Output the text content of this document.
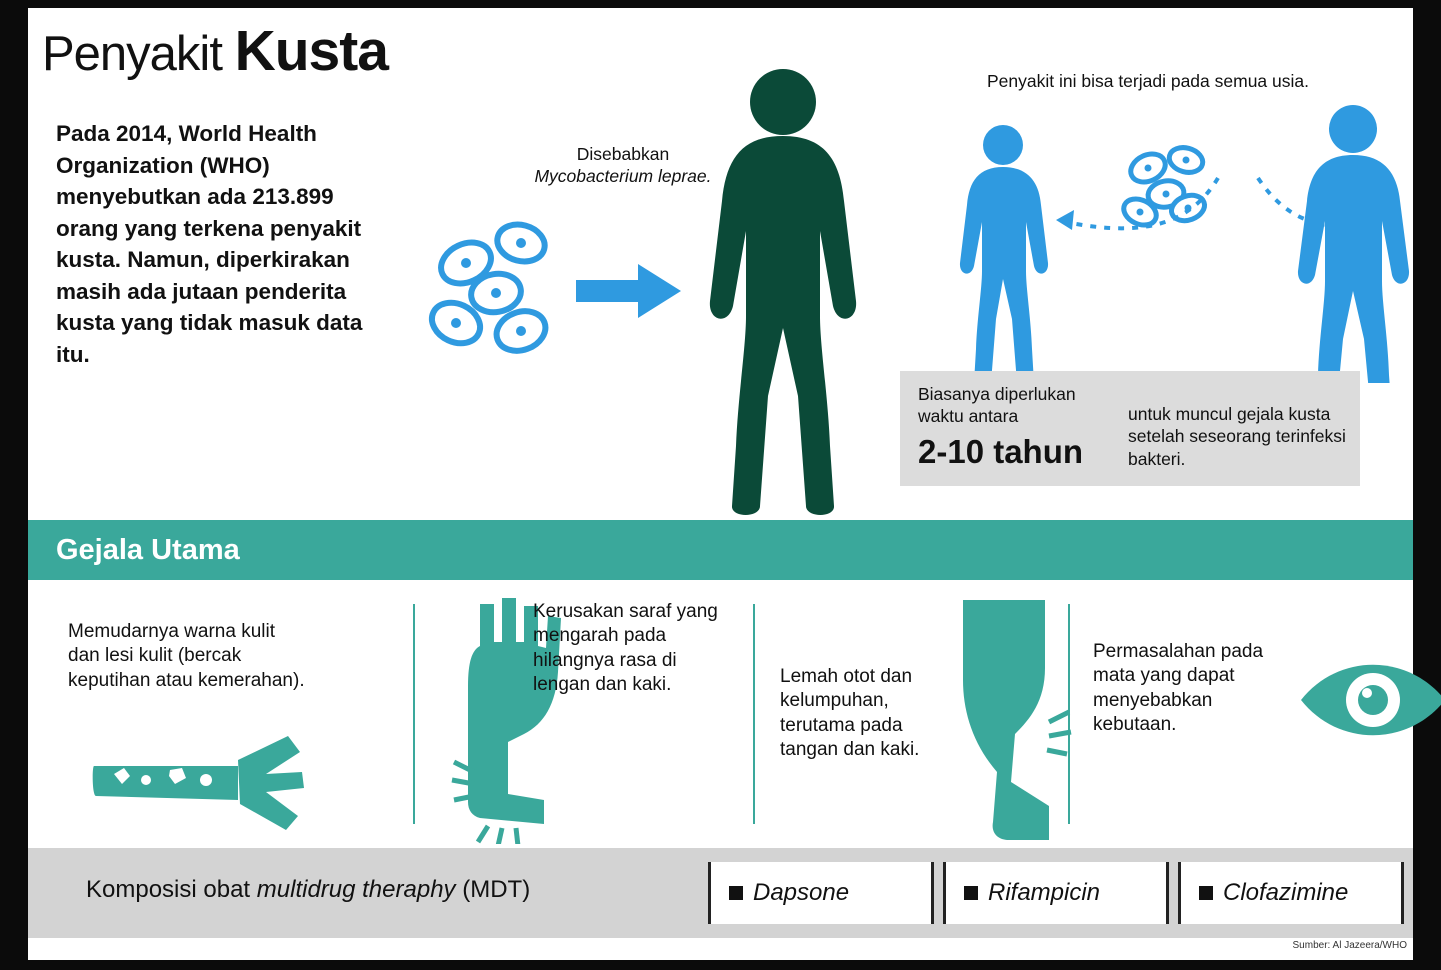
Penyakit Kusta
Pada 2014, World Health Organization (WHO) menyebutkan ada 213.899 orang yang terkena penyakit kusta. Namun, diperkirakan masih ada jutaan penderita kusta yang tidak masuk data itu.
Disebabkan
Mycobacterium leprae.
Penyakit ini bisa terjadi pada semua usia.
Biasanya diperlukan waktu antara
2-10 tahun
untuk muncul gejala kusta setelah seseorang terinfeksi bakteri.
Gejala Utama
Memudarnya warna kulit dan lesi kulit (bercak keputihan atau kemerahan).
Kerusakan saraf yang mengarah pada hilangnya rasa di lengan dan kaki.	Lemah otot dan kelumpuhan, terutama pada tangan dan kaki.
Permasalahan pada mata yang dapat menyebabkan kebutaan.
Komposisi obat multidrug theraphy (MDT)	Dapsone	Rifampicin	Clofazimine
Sumber: Al Jazeera/WHO
